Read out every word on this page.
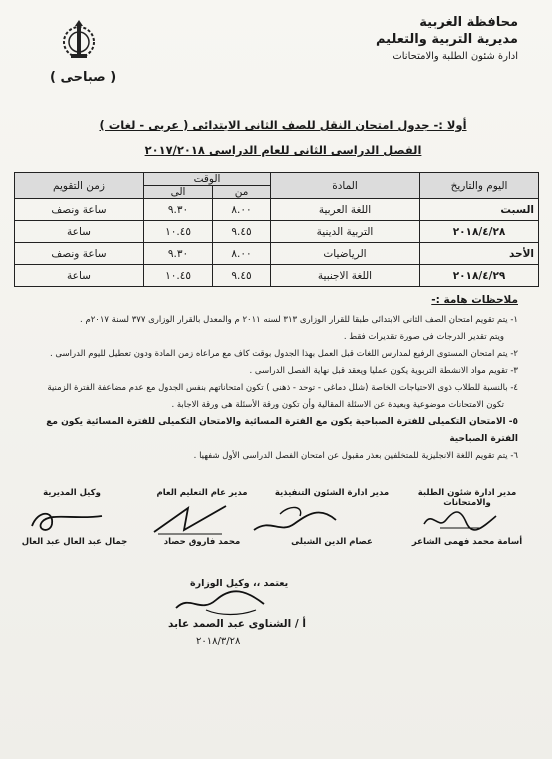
محافظة الغربية
مديرية التربية والتعليم
ادارة شئون الطلبة والامتحانات
( صباحى )
أولا :- جدول امتحان النقل للصف الثانى الابتدائى ( عربى - لغات )
الفصل الدراسى الثانى للعام الدراسى ٢٠١٧/٢٠١٨
اليوم والتاريخ	المادة	الوقت		زمن التقويم
		من	الى	
السبت	اللغة العربية	٨.٠٠	٩.٣٠	ساعة ونصف
٢٠١٨/٤/٢٨	التربية الدينية	٩.٤٥	١٠.٤٥	ساعة
الأحد	الرياضيات	٨.٠٠	٩.٣٠	ساعة ونصف
٢٠١٨/٤/٢٩	اللغة الاجنبية	٩.٤٥	١٠.٤٥	ساعة
ملاحظات هامة :-
١- يتم تقويم امتحان الصف الثانى الابتدائى طبقا للقرار الوزارى ٣١٣ لسنه ٢٠١١ م والمعدل بالقرار الوزارى ٣٧٧ لسنة ٢٠١٧م .
ويتم تقدير الدرجات فى صورة تقديرات فقط .
٢- يتم امتحان المستوى الرفيع لمدارس اللغات قبل العمل بهذا الجدول بوقت كاف مع مراعاه زمن المادة ودون تعطيل لليوم الدراسى .
٣- تقويم مواد الانشطة التربوية يكون عمليا ويعقد قبل نهاية الفصل الدراسى .
٤- بالنسبة للطلاب ذوى الاحتياجات الخاصة (شلل دماغى - توحد - ذهنى ) تكون امتحاناتهم بنفس الجدول مع عدم مضاعفة الفترة الزمنية
تكون الامتحانات موضوعية وبعيدة عن الاسئلة المقالية وأن تكون ورقة الأسئلة هى ورقة الاجابة .
٥- الامتحان التكميلى للفترة الصباحية يكون مع الفترة المسائية والامتحان التكميلى للفترة المسائية يكون مع الفترة الصباحية
٦- يتم تقويم اللغة الانجليزية للمتخلفين بعذر مقبول عن امتحان الفصل الدراسى الأول شفهيا .
مدير ادارة شئون الطلبة والامتحانات
مدير ادارة الشئون التنفيذية
مدير عام التعليم العام
وكيل المديرية
أسامة محمد فهمى الشاعر
عصام الدين الشبلى
محمد فاروق حصاد
جمال عبد العال عبد العال
يعتمد ،، وكيل الوزارة
أ / الشناوى عبد الصمد عابد
٢٠١٨/٣/٢٨
